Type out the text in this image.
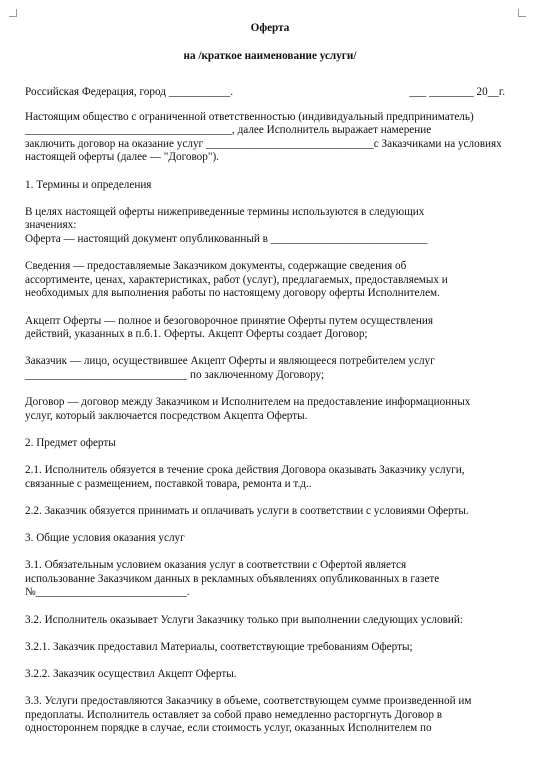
Оферта
на /краткое наименование услуги/
Российская Федерация, город ___________.	___ ________ 20__г.

Настоящим общество с ограниченной ответственностью (индивидуальный предприниматель)

_____________________________________, далее Исполнитель выражает намерение

заключить договор на оказание услуг ______________________________с Заказчиками на условиях

настоящей оферты (далее — "Договор").

1. Термины и определения

В целях настоящей оферты нижеприведенные термины используются в следующих

значениях:

Оферта — настоящий документ опубликованный в ____________________________

Сведения — предоставляемые Заказчиком документы, содержащие сведения об

ассортименте, ценах, характеристиках, работ (услуг), предлагаемых, предоставляемых и

необходимых для выполнения работы по настоящему договору оферты Исполнителем.

Акцепт Оферты — полное и безоговорочное принятие Оферты путем осуществления

действий, указанных в п.б.1. Оферты. Акцепт Оферты создает Договор;

Заказчик — лицо, осуществившее Акцепт Оферты и являющееся потребителем услуг

_____________________________ по заключенному Договору;

Договор — договор между Заказчиком и Исполнителем на предоставление информационных

услуг, который заключается посредством Акцепта Оферты.

2. Предмет оферты

2.1. Исполнитель обязуется в течение срока действия Договора оказывать Заказчику услуги,

связанные с размещением, поставкой товара, ремонта и т.д..

2.2. Заказчик обязуется принимать и оплачивать услуги в соответствии с условиями Оферты.

3. Общие условия оказания услуг

3.1. Обязательным условием оказания услуг в соответствии с Офертой является

использование Заказчиком данных в рекламных объявлениях опубликованных в газете

№___________________________.

3.2. Исполнитель оказывает Услуги Заказчику только при выполнении следующих условий:

3.2.1. Заказчик предоставил Материалы, соответствующие требованиям Оферты;

3.2.2. Заказчик осуществил Акцепт Оферты.

3.3. Услуги предоставляются Заказчику в объеме, соответствующем сумме произведенной им

предоплаты. Исполнитель оставляет за собой право немедленно расторгнуть Договор в

одностороннем порядке в случае, если стоимость услуг, оказанных Исполнителем по
